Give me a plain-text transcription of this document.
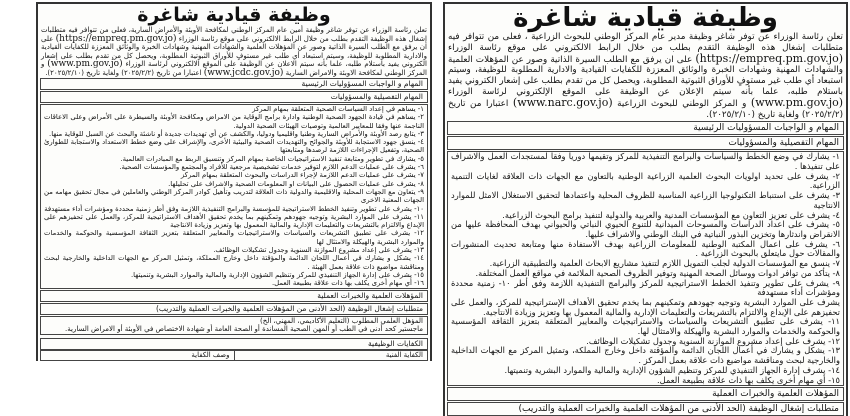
وظيفة قيادية شاغرة

تعلن رئاسة الوزراء عن توفر شاغر وظيفة مدير عام المركز الوطني للبحوث الزراعية ، فعلى من تتوافر فيه متطلبات إشغال هذه الوظيفة التقدم بطلب من خلال الرابط الالكتروني على موقع رئاسة الوزراء (https://empreq.pm.gov.jo) على ان يرفق مع الطلب السيرة الذاتية وصور عن المؤهلات العلمية والشهادات المهنية وشهادات الخبرة والوثائق المعززة للكفايات القيادية والادارية المطلوبة للوظيفة، وسيتم استبعاد أي طلب غير مستوفٍ للأوراق الثبوتية المطلوبة، ويحصل كل من تقدم بطلب على إشعار الكتروني يفيد باستلام طلبه، علما بأنه سيتم الإعلان عن الوظيفة على الموقع الإلكتروني لرئاسة الوزراء (www.pm.gov.jo) و المركز الوطني للبحوث الزراعية (www.narc.gov.jo) اعتبارا من تاريخ (٢٠٢٥/٢/٢) ولغاية تاريخ (٢٠٢٥/٢/١٠).

المهام و الواجبات المسؤوليات الرئيسية
المهام التفصيلية والمسؤوليات

١- يشارك في وضع الخطط والسياسات والبرامج التنفيذية للمركز وتقيمها دوريا وفقا لمستجدات العمل والاشراف على تنفيذها .

٢- يشرف على تحديد اولويات البحوث العلمية الزراعية الوطنية بالتعاون مع الجهات ذات العلاقة لغايات التنمية الزراعية.

٣- يشرف على استنباط التكنولوجيا الزراعية المناسبة للظروف المحلية واعتمادها لتحقيق الاستغلال الامثل للموارد الانتاجية

٤- يشرف على تعزيز التعاون مع المؤسسات المدنية والعربية والدولية لتنفيذ برامج البحوث الزراعية.

٥- يشرف على اعداد الدراسات والمسوحات الميدانية للتنوع الحيوي النباتي والحيواني بهدف المحافظة عليها من الانقراض واندثارها وتخزين البذور النباتية في البنك الوطني والاشراف عليها.

٦- يشرف على اعمال المكتبة الوطنية للمعلومات الزراعية بهدف الاستفادة منها ومتابعة تحديث المنشورات والمقالات حول مايتعلق بالبحوث الزراعية .

٧- ينسق مع المؤسسات الدولية لجلب التمويل اللازم لتنفيذ مشاريع الابحاث العلمية والتطبيقية الزراعية.

٨- يتأكد من توافر ادوات ووسائل الصحة المهنية وتوفير الظروف الصحية الملائمة في مواقع العمل المختلفة.

٩- يشرف على تطوير وتنفيذ الخطط الاستراتيجية للمركز والبرامج التنفيذية اللازمة وفق أطر ١٠- زمنية محددة ومؤشرات أداء مستهدفة

يشرف على الموارد البشرية وتوجيه جهودهم وتمكينهم بما يخدم تحقيق الأهداف الإستراتيجية للمركز، والعمل على تحفيزهم على الإبداع والالتزام بالتشريعات والتعليمات الإدارية والمالية المعمول بها وتعزيز وزيادة الانتاجية.

١١- يشرف على تطبيق التشريعات والسياسات والاستراتيجيات والمعايير المتعلقة بتعزيز الثقافة المؤسسية والحوكمة والخدمات والموارد البشرية والهيكلة والامتثال لها.

١٢- يشرف على إعداد مشروع الموازنة السنوية وجدول تشكيلات الوظائف.

١٣- يشكل و يشارك في أعمال اللجان الدائمة والمؤقتة داخل وخارج المملكة، وتمثيل المركز مع الجهات الداخلية والخارجية لبحث ومناقشة مواضيع ذات علاقة بعمل المركز .

١٤- يشرف إدارة الجهاز التنفيذي للمركز وتنظيم الشؤون الإدارية والمالية والموارد البشرية وتنميتها.

١٥- أي مهام أخرى يكلف بها ذات علاقة بطبيعة العمل.

المؤهلات العلمية والخبرات العملية
متطلبات إشغال الوظيفة (الحد الأدنى من المؤهلات العلمية والخبرات العملية والتدريب)
وظيفة قيادية شاغرة

تعلن رئاسة الوزراء عن توفر شاغر وظيفة أمين عام المركز الوطني لمكافحة الأوبئة والأمراض السارية، فعلى من تتوافر فيه متطلبات إشغال هذه الوظيفة التقدم بطلب من خلال الرابط الالكتروني على موقع رئاسة الوزراء (https://empreq.pm.gov.jo) على ان يرفق مع الطلب السيرة الذاتية وصور عن المؤهلات العلمية والشهادات المهنية وشهادات الخبرة والوثائق المعززة للكفايات القيادية والادارية المطلوبة للوظيفة، وسيتم استبعاد أي طلب غير مستوفٍ للأوراق الثبوتية المطلوبة، ويحصل كل من تقدم بطلب على إشعار الكتروني يفيد باستلام طلبه، علما بأنه سيتم الاعلان عن الوظيفة على الموقع الالكتروني لرئاسة الوزراء (www.pm.gov.jo) و المركز الوطني لمكافحة الاوبئة والامراض السارية (www.jcdc.gov.jo) اعتبارا من تاريخ (٢٠٢٥/٢/٢) ولغاية تاريخ (٢٠٢٥/٢/١٠).

المهام و الواجبات المسؤوليات الرئيسية
المهام التفصيلية والمسؤوليات

١- يساهم في إعداد السياسات الصحية المتعلقة بمهام المركز

٢- يساهم في قيادة الجهود الصحية الوطنية وادارة برامج الوقاية من الامراض ومكافحة الأوبئة والسيطرة على الأمراض وعلى الاعاقات الناجمة عنها وفقا للمعايير العالمية وتوصيات الهيئات الصحية الدولية.

٣- يتابع رصد الأوبئة والأمراض السارية وطنيا واقليميا ودوليا، والكشف عن أي تهديدات جديدة أو ناشئة والبحث عن السبل للوقاية منها.

٤- ينسق جهود الاستجابة للأوبئة والجوائح والتهديدات الصحية والبيئية الأخرى، والإشراف على وضع خطط الاستعداد والاستجابة للطوارئ الصحية، وتفعيل الإجراءات اللازمة لرصدها ومتابعتها

٥- يشارك في تطوير ومتابعة تنفيذ الاستراتيجيات الخاصة بمهام المركز وتنسيق الربط مع المبادرات العالمية.

٦- يشرف على عمليات الدعم اللازم لتوفير خدمات تشخيصية مرجعية للأفراد والمجتمع والمؤسسات الصحية.

٧- يشرف على عمليات الدعم اللازمة لإجراء الدراسات والبحوث المتعلقة بمهام المركز

٨- يشرف على عمليات الحصول على البيانات او المعلومات الصحية والاشراف على تحليلها.

٩- يتعاون مع الجهات المحلية والاقليمية والدولية ذات العلاقة لتدريب وتأهيل كوادر المركز الوطني والعاملين في مجال تحقيق مهامه من الجهات المعنية الاخرى

١٠- يشرف على تطوير وتنفيذ الخطط الاستراتيجية للمؤسسة والبرامج التنفيذية اللازمة وفق أطر زمنية محددة ومؤشرات أداء مستهدفة

١١- يشرف على الموارد البشرية وتوجيه جهودهم وتمكينهم بما يخدم تحقيق الأهداف الاستراتيجية للمركز، والعمل على تحفيزهم على الإبداع والالتزام بالتشريعات والتعليمات الإدارية والمالية المعمول بها وتعزيز وزيادة الانتاجية

١٢- يشرف على تطبيق التشريعات والسياسات والاستراتيجيات والمعايير المتعلقة بتعزيز الثقافة المؤسسية والحوكمة والخدمات والموارد البشرية والهيكلة والامتثال لها

١٣- يشرف على إعداد مشروع الموازنة السنوية وجدول تشكيلات الوظائف.

١٤- يشكل و يشارك في أعمال اللجان الدائمة والمؤقتة داخل وخارج المملكة، وتمثيل المركز مع الجهات الداخلية والخارجية لبحث ومناقشة مواضيع ذات علاقة بعمل الهيئة .

١٥- يشرف على إدارة الجهاز التنفيذي للمركز وتنظيم الشؤون الإدارية والمالية والموارد البشرية وتنميتها.

١٦- أي مهام أخرى يكلف بها ذات علاقة بطبيعة العمل.

المؤهلات العلمية والخبرات العملية
متطلبات إشغال الوظيفة (الحد الأدنى من المؤهلات العلمية والخبرات العملية والتدريب)
المؤهل العلمي المطلوب (التعليم الأكاديمي، المهني، الخ)
ماجستير كحد أدنى في الطب أو المهن الصحية المساندة أو الصحة العامة أو شهادة الاختصاص في الأوبئة أو الامراض السارية.
الكفايات الوظيفية
الكفاية الفنية
وصف الكفاية
